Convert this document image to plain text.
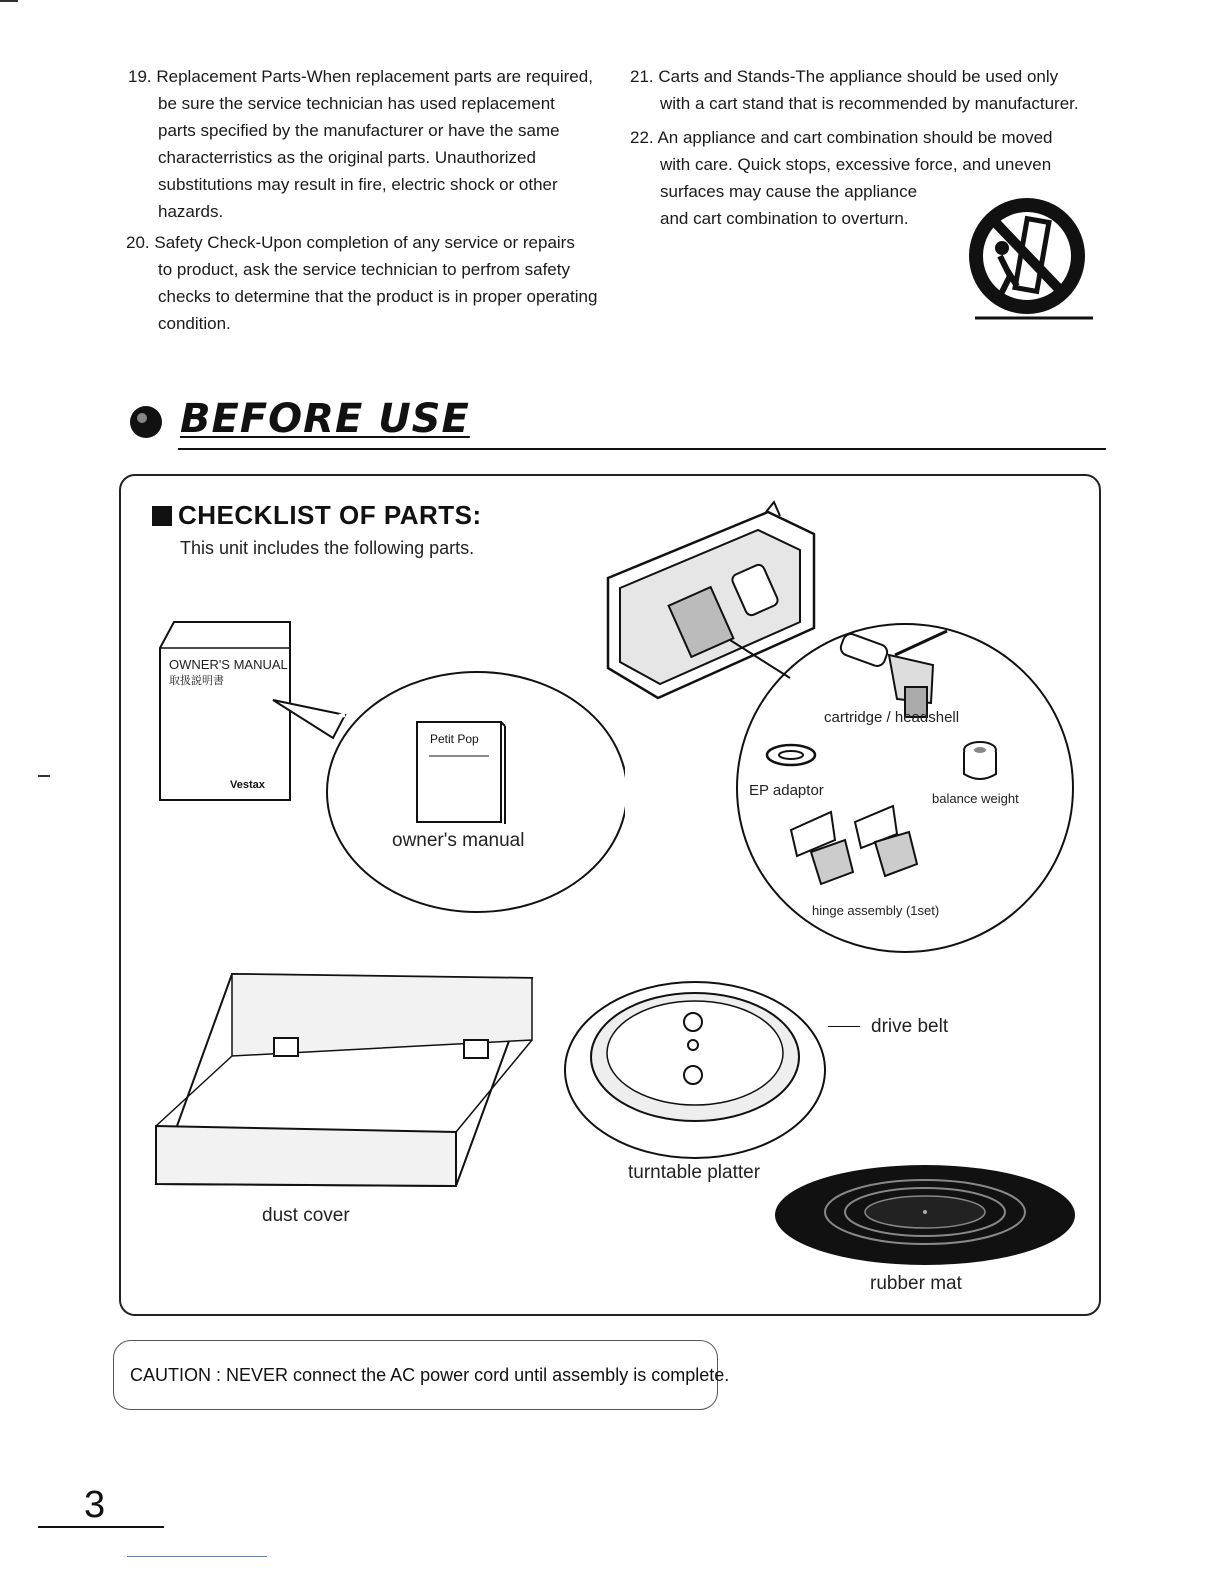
19. Replacement Parts-When replacement parts are required,
be sure the service technician has used replacement
parts specified by the manufacturer or have the same
characterristics as the original parts. Unauthorized
substitutions may result in fire, electric shock or other
hazards.
20. Safety Check-Upon completion of any service or repairs
to product, ask the service technician to perfrom safety
checks to determine that the product is in proper operating
condition.
21. Carts and Stands-The appliance should be used only
with a cart stand that is recommended by manufacturer.
22. An appliance and cart combination should be moved
with care. Quick stops, excessive force, and uneven
surfaces may cause the appliance
and cart combination to overturn.
BEFORE USE
CHECKLIST OF PARTS:
This unit includes the following parts.
OWNER'S MANUAL
取扱説明書
Vestax
Petit Pop
owner's manual
cartridge / headshell
EP adaptor	balance weight
hinge assembly (1set)
dust cover
turntable platter
drive belt
rubber mat
CAUTION : NEVER connect the AC power cord until assembly is complete.
3
